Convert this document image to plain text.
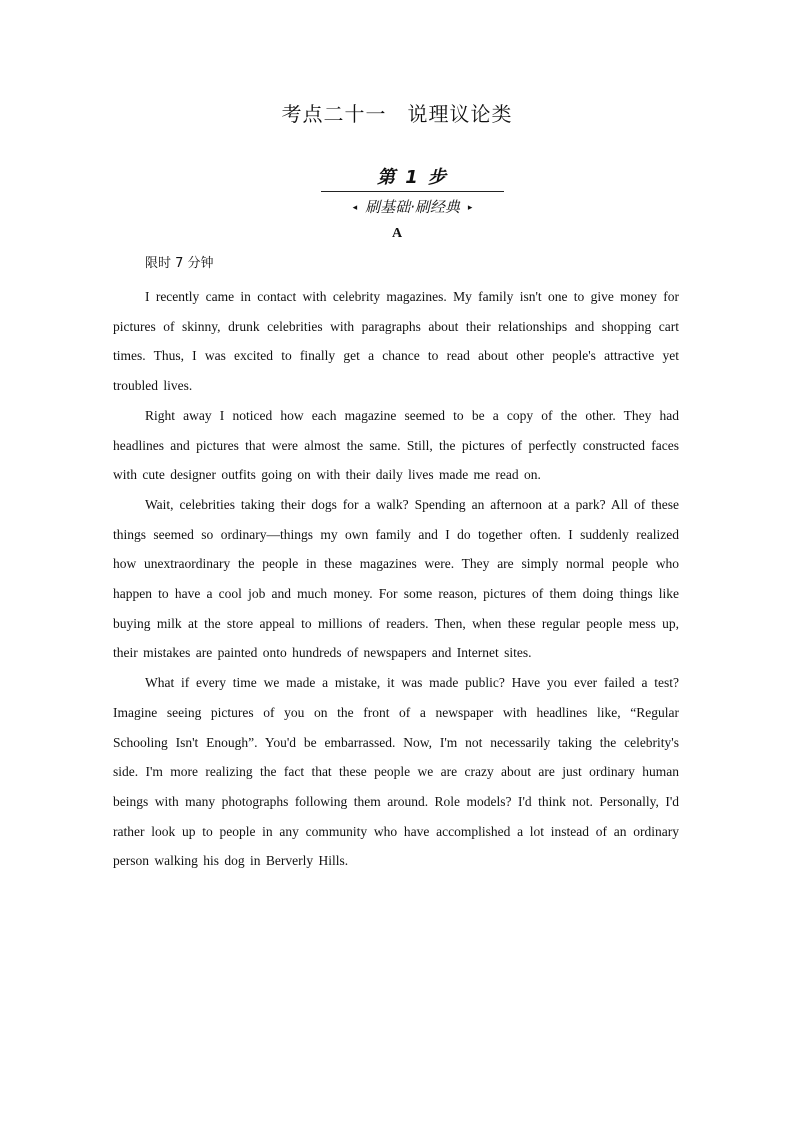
考点二十一　说理议论类
第 1 步
◂ 刷基础·刷经典 ▸
A
限时 7 分钟

I recently came in contact with celebrity magazines. My family isn't one to give money for pictures of skinny, drunk celebrities with paragraphs about their relationships and shopping cart times. Thus, I was excited to finally get a chance to read about other people's attractive yet troubled lives.

Right away I noticed how each magazine seemed to be a copy of the other. They had headlines and pictures that were almost the same. Still, the pictures of perfectly constructed faces with cute designer outfits going on with their daily lives made me read on.

Wait, celebrities taking their dogs for a walk? Spending an afternoon at a park? All of these things seemed so ordinary—things my own family and I do together often. I suddenly realized how unextraordinary the people in these magazines were. They are simply normal people who happen to have a cool job and much money. For some reason, pictures of them doing things like buying milk at the store appeal to millions of readers. Then, when these regular people mess up, their mistakes are painted onto hundreds of newspapers and Internet sites.

What if every time we made a mistake, it was made public? Have you ever failed a test? Imagine seeing pictures of you on the front of a newspaper with headlines like, “Regular Schooling Isn't Enough”. You'd be embarrassed. Now, I'm not necessarily taking the celebrity's side. I'm more realizing the fact that these people we are crazy about are just ordinary human beings with many photographs following them around. Role models? I'd think not. Personally, I'd rather look up to people in any community who have accomplished a lot instead of an ordinary person walking his dog in Berverly Hills.
